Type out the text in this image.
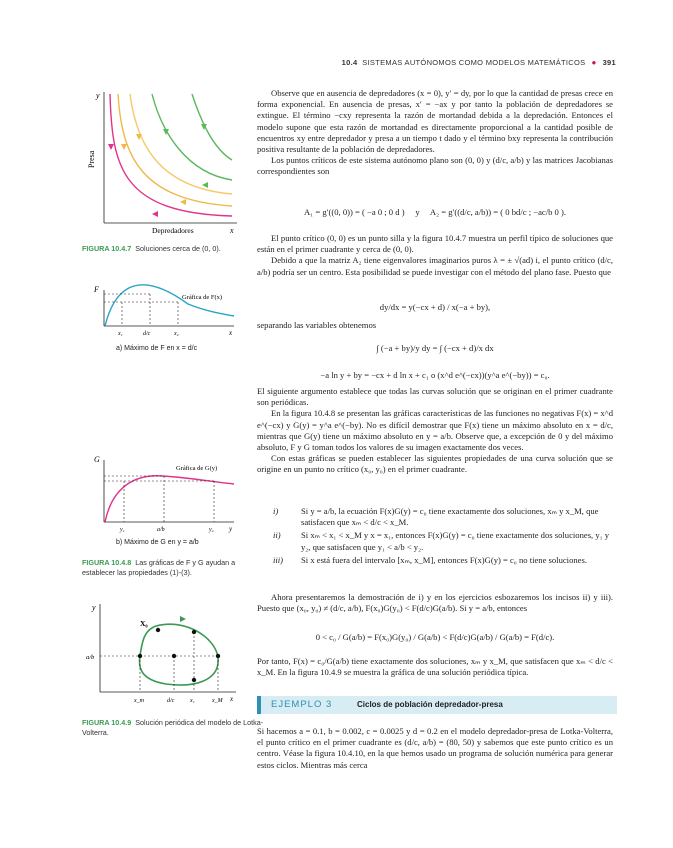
10.4 SISTEMAS AUTÓNOMOS COMO MODELOS MATEMÁTICOS ● 391
y
x
Presa
Depredadores
FIGURA 10.4.7 Soluciones cerca de (0, 0).
F
x
Gráfica de F(x)
x₁	d/c	x₂
a) Máximo de F en x = d/c
G
y
Gráfica de G(y)
y₁	a/b	y₂
b) Máximo de G en y = a/b
FIGURA 10.4.8 Las gráficas de F y G ayudan a establecer las propiedades (1)-(3).
y
x
X₀
a/b
x_m	d/c	x₁	x_M
FIGURA 10.4.9 Solución periódica del modelo de Lotka-Volterra.

Observe que en ausencia de depredadores (x = 0), y′ = dy, por lo que la cantidad de presas crece en forma exponencial. En ausencia de presas, x′ = −ax y por tanto la población de depredadores se extingue. El término −cxy representa la razón de mortandad debida a la depredación. Entonces el modelo supone que esta razón de mortandad es directamente proporcional a la cantidad posible de encuentros xy entre depredador y presa a un tiempo t dado y el término bxy representa la contribución positiva resultante de la población de depredadores.

Los puntos críticos de este sistema autónomo plano son (0, 0) y (d/c, a/b) y las matrices Jacobianas correspondientes son

A₁ = g′((0, 0)) = ( −a 0 ; 0 d ) y A₂ = g′((d/c, a/b)) = ( 0 bd/c ; −ac/b 0 ).

El punto crítico (0, 0) es un punto silla y la figura 10.4.7 muestra un perfil típico de soluciones que están en el primer cuadrante y cerca de (0, 0).

Debido a que la matriz A₂ tiene eigenvalores imaginarios puros λ = ± √(ad) i, el punto crítico (d/c, a/b) podría ser un centro. Esta posibilidad se puede investigar con el método del plano fase. Puesto que

dy/dx = y(−cx + d) / x(−a + by),

separando las variables obtenemos

∫ (−a + by)/y dy = ∫ (−cx + d)/x dx
−a ln y + by = −cx + d ln x + c₁ o (x^d e^(−cx))(y^a e^(−by)) = c₀.

El siguiente argumento establece que todas las curvas solución que se originan en el primer cuadrante son periódicas.

En la figura 10.4.8 se presentan las gráficas características de las funciones no negativas F(x) = x^d e^(−cx) y G(y) = y^a e^(−by). No es difícil demostrar que F(x) tiene un máximo absoluto en x = d/c, mientras que G(y) tiene un máximo absoluto en y = a/b. Observe que, a excepción de 0 y del máximo absoluto, F y G toman todos los valores de su imagen exactamente dos veces.

Con estas gráficas se pueden establecer las siguientes propiedades de una curva solución que se origine en un punto no crítico (x₀, y₀) en el primer cuadrante.

i)	Si y = a/b, la ecuación F(x)G(y) = c₀ tiene exactamente dos soluciones, xₘ y x_M, que satisfacen que xₘ < d/c < x_M.
ii)	Si xₘ < x₁ < x_M y x = x₁, entonces F(x)G(y) = c₀ tiene exactamente dos soluciones, y₁ y y₂, que satisfacen que y₁ < a/b < y₂.
iii)	Si x está fuera del intervalo [xₘ, x_M], entonces F(x)G(y) = c₀ no tiene soluciones.

Ahora presentaremos la demostración de i) y en los ejercicios esbozaremos los incisos ii) y iii). Puesto que (x₀, y₀) ≠ (d/c, a/b), F(x₀)G(y₀) < F(d/c)G(a/b). Si y = a/b, entonces

0 < c₀ / G(a/b) = F(x₀)G(y₀) / G(a/b) < F(d/c)G(a/b) / G(a/b) = F(d/c).

Por tanto, F(x) = c₀/G(a/b) tiene exactamente dos soluciones, xₘ y x_M, que satisfacen que xₘ < d/c < x_M. En la figura 10.4.9 se muestra la gráfica de una solución periódica típica.

EJEMPLO 3	Ciclos de población depredador-presa

Si hacemos a = 0.1, b = 0.002, c = 0.0025 y d = 0.2 en el modelo depredador-presa de Lotka-Volterra, el punto crítico en el primer cuadrante es (d/c, a/b) = (80, 50) y sabemos que este punto crítico es un centro. Véase la figura 10.4.10, en la que hemos usado un programa de solución numérica para generar estos ciclos. Mientras más cerca
